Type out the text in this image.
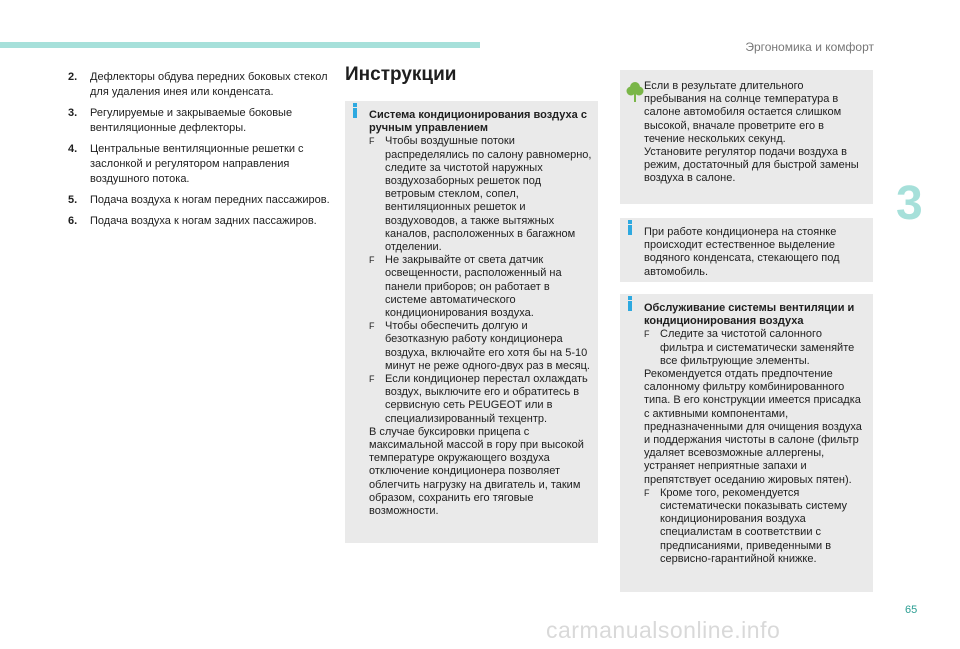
Эргономика и комфорт
3
2.	Дефлекторы обдува передних боковых стекол для удаления инея или конденсата.
3.	Регулируемые и закрываемые боковые вентиляционные дефлекторы.
4.	Центральные вентиляционные решетки с заслонкой и регулятором направления воздушного потока.
5.	Подача воздуха к ногам передних пассажиров.
6.	Подача воздуха к ногам задних пассажиров.
Инструкции
Система кондиционирования воздуха с ручным управлением
F Чтобы воздушные потоки распределялись по салону равномерно, следите за чистотой наружных воздухозаборных решеток под ветровым стеклом, сопел, вентиляционных решеток и воздуховодов, а также вытяжных каналов, расположенных в багажном отделении.
F Не закрывайте от света датчик освещенности, расположенный на панели приборов; он работает в системе автоматического кондиционирования воздуха.
F Чтобы обеспечить долгую и безотказную работу кондиционера воздуха, включайте его хотя бы на 5-10 минут не реже одного-двух раз в месяц.
F Если кондиционер перестал охлаждать воздух, выключите его и обратитесь в сервисную сеть PEUGEOT или в специализированный техцентр.
В случае буксировки прицепа с максимальной массой в гору при высокой температуре окружающего воздуха отключение кондиционера позволяет облегчить нагрузку на двигатель и, таким образом, сохранить его тяговые возможности.
Если в результате длительного пребывания на солнце температура в салоне автомобиля остается слишком высокой, вначале проветрите его в течение нескольких секунд.
Установите регулятор подачи воздуха в режим, достаточный для быстрой замены воздуха в салоне.
При работе кондиционера на стоянке происходит естественное выделение водяного конденсата, стекающего под автомобиль.
Обслуживание системы вентиляции и кондиционирования воздуха
F Следите за чистотой салонного фильтра и систематически заменяйте все фильтрующие элементы.
Рекомендуется отдать предпочтение салонному фильтру комбинированного типа. В его конструкции имеется присадка с активными компонентами, предназначенными для очищения воздуха и поддержания чистоты в салоне (фильтр удаляет всевозможные аллергены, устраняет неприятные запахи и препятствует оседанию жировых пятен).
F Кроме того, рекомендуется систематически показывать систему кондиционирования воздуха специалистам в соответствии с предписаниями, приведенными в сервисно-гарантийной книжке.
65
carmanualsonline.info
